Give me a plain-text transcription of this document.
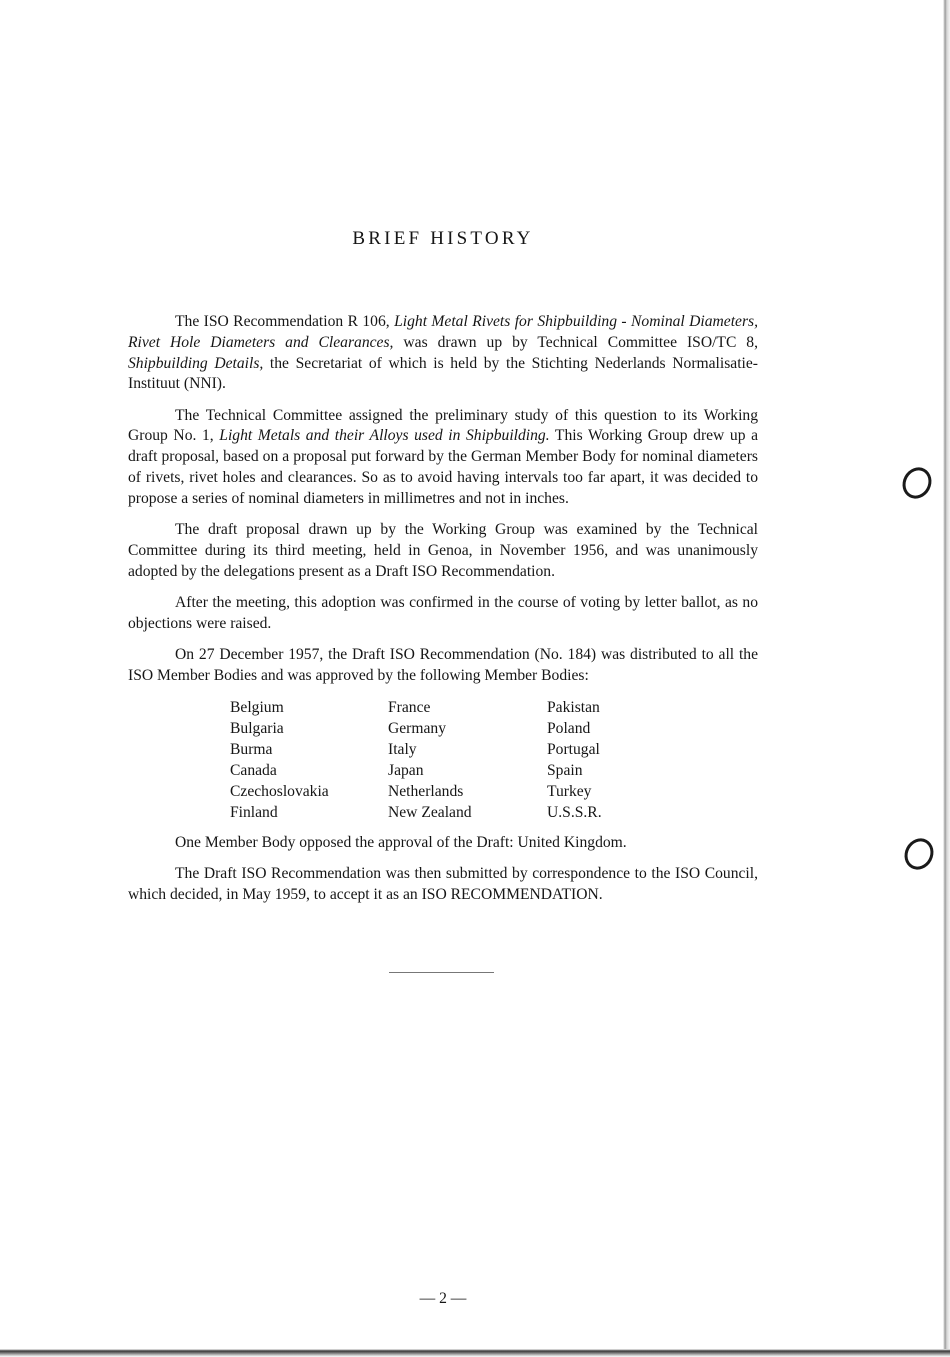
BRIEF HISTORY

The ISO Recommendation R 106, Light Metal Rivets for Shipbuilding - Nominal Diameters, Rivet Hole Diameters and Clearances, was drawn up by Technical Committee ISO/TC 8, Shipbuilding Details, the Secretariat of which is held by the Stichting Nederlands Normalisatie-Instituut (NNI).

The Technical Committee assigned the preliminary study of this question to its Working Group No. 1, Light Metals and their Alloys used in Shipbuilding. This Working Group drew up a draft proposal, based on a proposal put forward by the German Member Body for nominal diameters of rivets, rivet holes and clearances. So as to avoid having intervals too far apart, it was decided to propose a series of nominal diameters in millimetres and not in inches.

The draft proposal drawn up by the Working Group was examined by the Technical Committee during its third meeting, held in Genoa, in November 1956, and was unanimously adopted by the delegations present as a Draft ISO Recommendation.

After the meeting, this adoption was confirmed in the course of voting by letter ballot, as no objections were raised.

On 27 December 1957, the Draft ISO Recommendation (No. 184) was distributed to all the ISO Member Bodies and was approved by the following Member Bodies:

Belgium	France	Pakistan
Bulgaria	Germany	Poland
Burma	Italy	Portugal
Canada	Japan	Spain
Czechoslovakia	Netherlands	Turkey
Finland	New Zealand	U.S.S.R.

One Member Body opposed the approval of the Draft: United Kingdom.

The Draft ISO Recommendation was then submitted by correspondence to the ISO Council, which decided, in May 1959, to accept it as an ISO RECOMMENDATION.

— 2 —
